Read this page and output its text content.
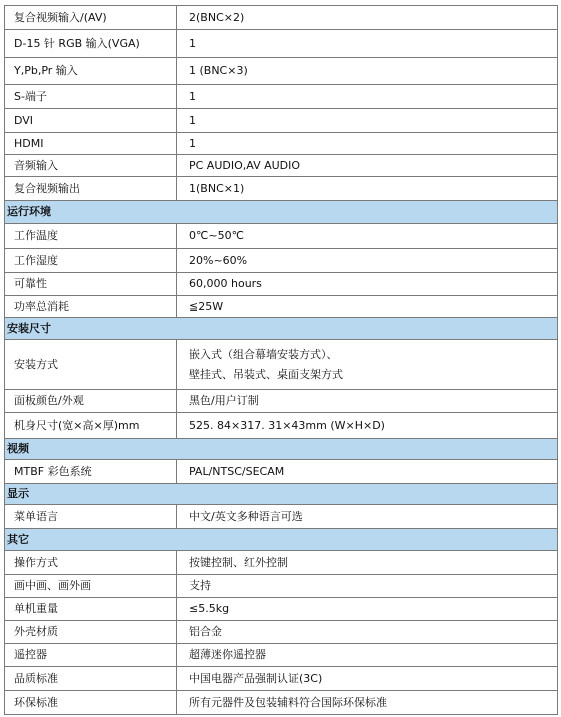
复合视频输入/(AV)	2(BNC×2)
D-15 针 RGB 输入(VGA)	1
Y,Pb,Pr 输入	1 (BNC×3)
S-端子	1
DVI	1
HDMI	1
音频输入	PC AUDIO,AV AUDIO
复合视频输出	1(BNC×1)
运行环境	
工作温度	0℃~50℃
工作湿度	20%~60%
可靠性	60,000 hours
功率总消耗	≦25W
安装尺寸	
安装方式	嵌入式（组合幕墙安装方式）、
壁挂式、吊装式、桌面支架方式

面板颜色/外观	黑色/用户订制
机身尺寸(宽×高×厚)mm	525. 84×317. 31×43mm (W×H×D)
视频	
MTBF 彩色系统	PAL/NTSC/SECAM
显示	
菜单语言	中文/英文多种语言可选
其它	
操作方式	按键控制、红外控制
画中画、画外画	支持
单机重量	≤5.5kg
外壳材质	铝合金
遥控器	超薄迷你遥控器
品质标准	中国电器产品强制认证(3C)
环保标准	所有元器件及包装辅料符合国际环保标准
